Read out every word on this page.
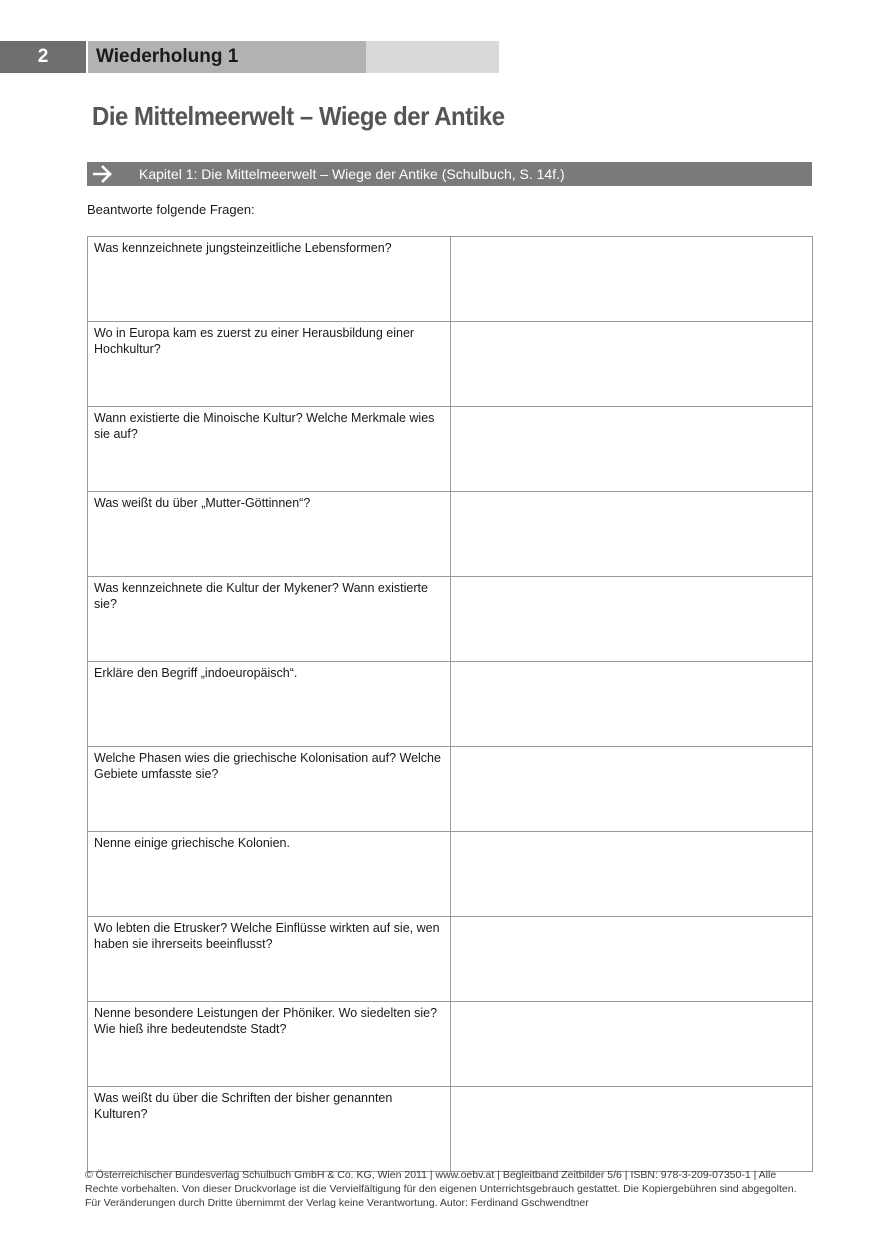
2	Wiederholung 1
Die Mittelmeerwelt – Wiege der Antike
Kapitel 1: Die Mittelmeerwelt – Wiege der Antike (Schulbuch, S. 14f.)
Beantworte folgende Fragen:
Was kennzeichnete jungsteinzeitliche Lebensformen?	
Wo in Europa kam es zuerst zu einer Herausbildung einer Hochkultur?	
Wann existierte die Minoische Kultur? Welche Merkmale wies sie auf?	
Was weißt du über „Mutter-Göttinnen“?	
Was kennzeichnete die Kultur der Mykener? Wann existierte sie?	
Erkläre den Begriff „indoeuropäisch“.	
Welche Phasen wies die griechische Kolonisation auf? Welche Gebiete umfasste sie?	
Nenne einige griechische Kolonien.	
Wo lebten die Etrusker? Welche Einflüsse wirkten auf sie, wen haben sie ihrerseits beeinflusst?	
Nenne besondere Leistungen der Phöniker. Wo siedelten sie? Wie hieß ihre bedeutendste Stadt?	
Was weißt du über die Schriften der bisher genannten Kulturen?	
© Österreichischer Bundesverlag Schulbuch GmbH & Co. KG, Wien 2011 | www.oebv.at | Begleitband Zeitbilder 5/6 | ISBN: 978-3-209-07350-1 | Alle
Rechte vorbehalten. Von dieser Druckvorlage ist die Vervielfältigung für den eigenen Unterrichtsgebrauch gestattet. Die Kopiergebühren sind abgegolten.
Für Veränderungen durch Dritte übernimmt der Verlag keine Verantwortung. Autor: Ferdinand Gschwendtner
